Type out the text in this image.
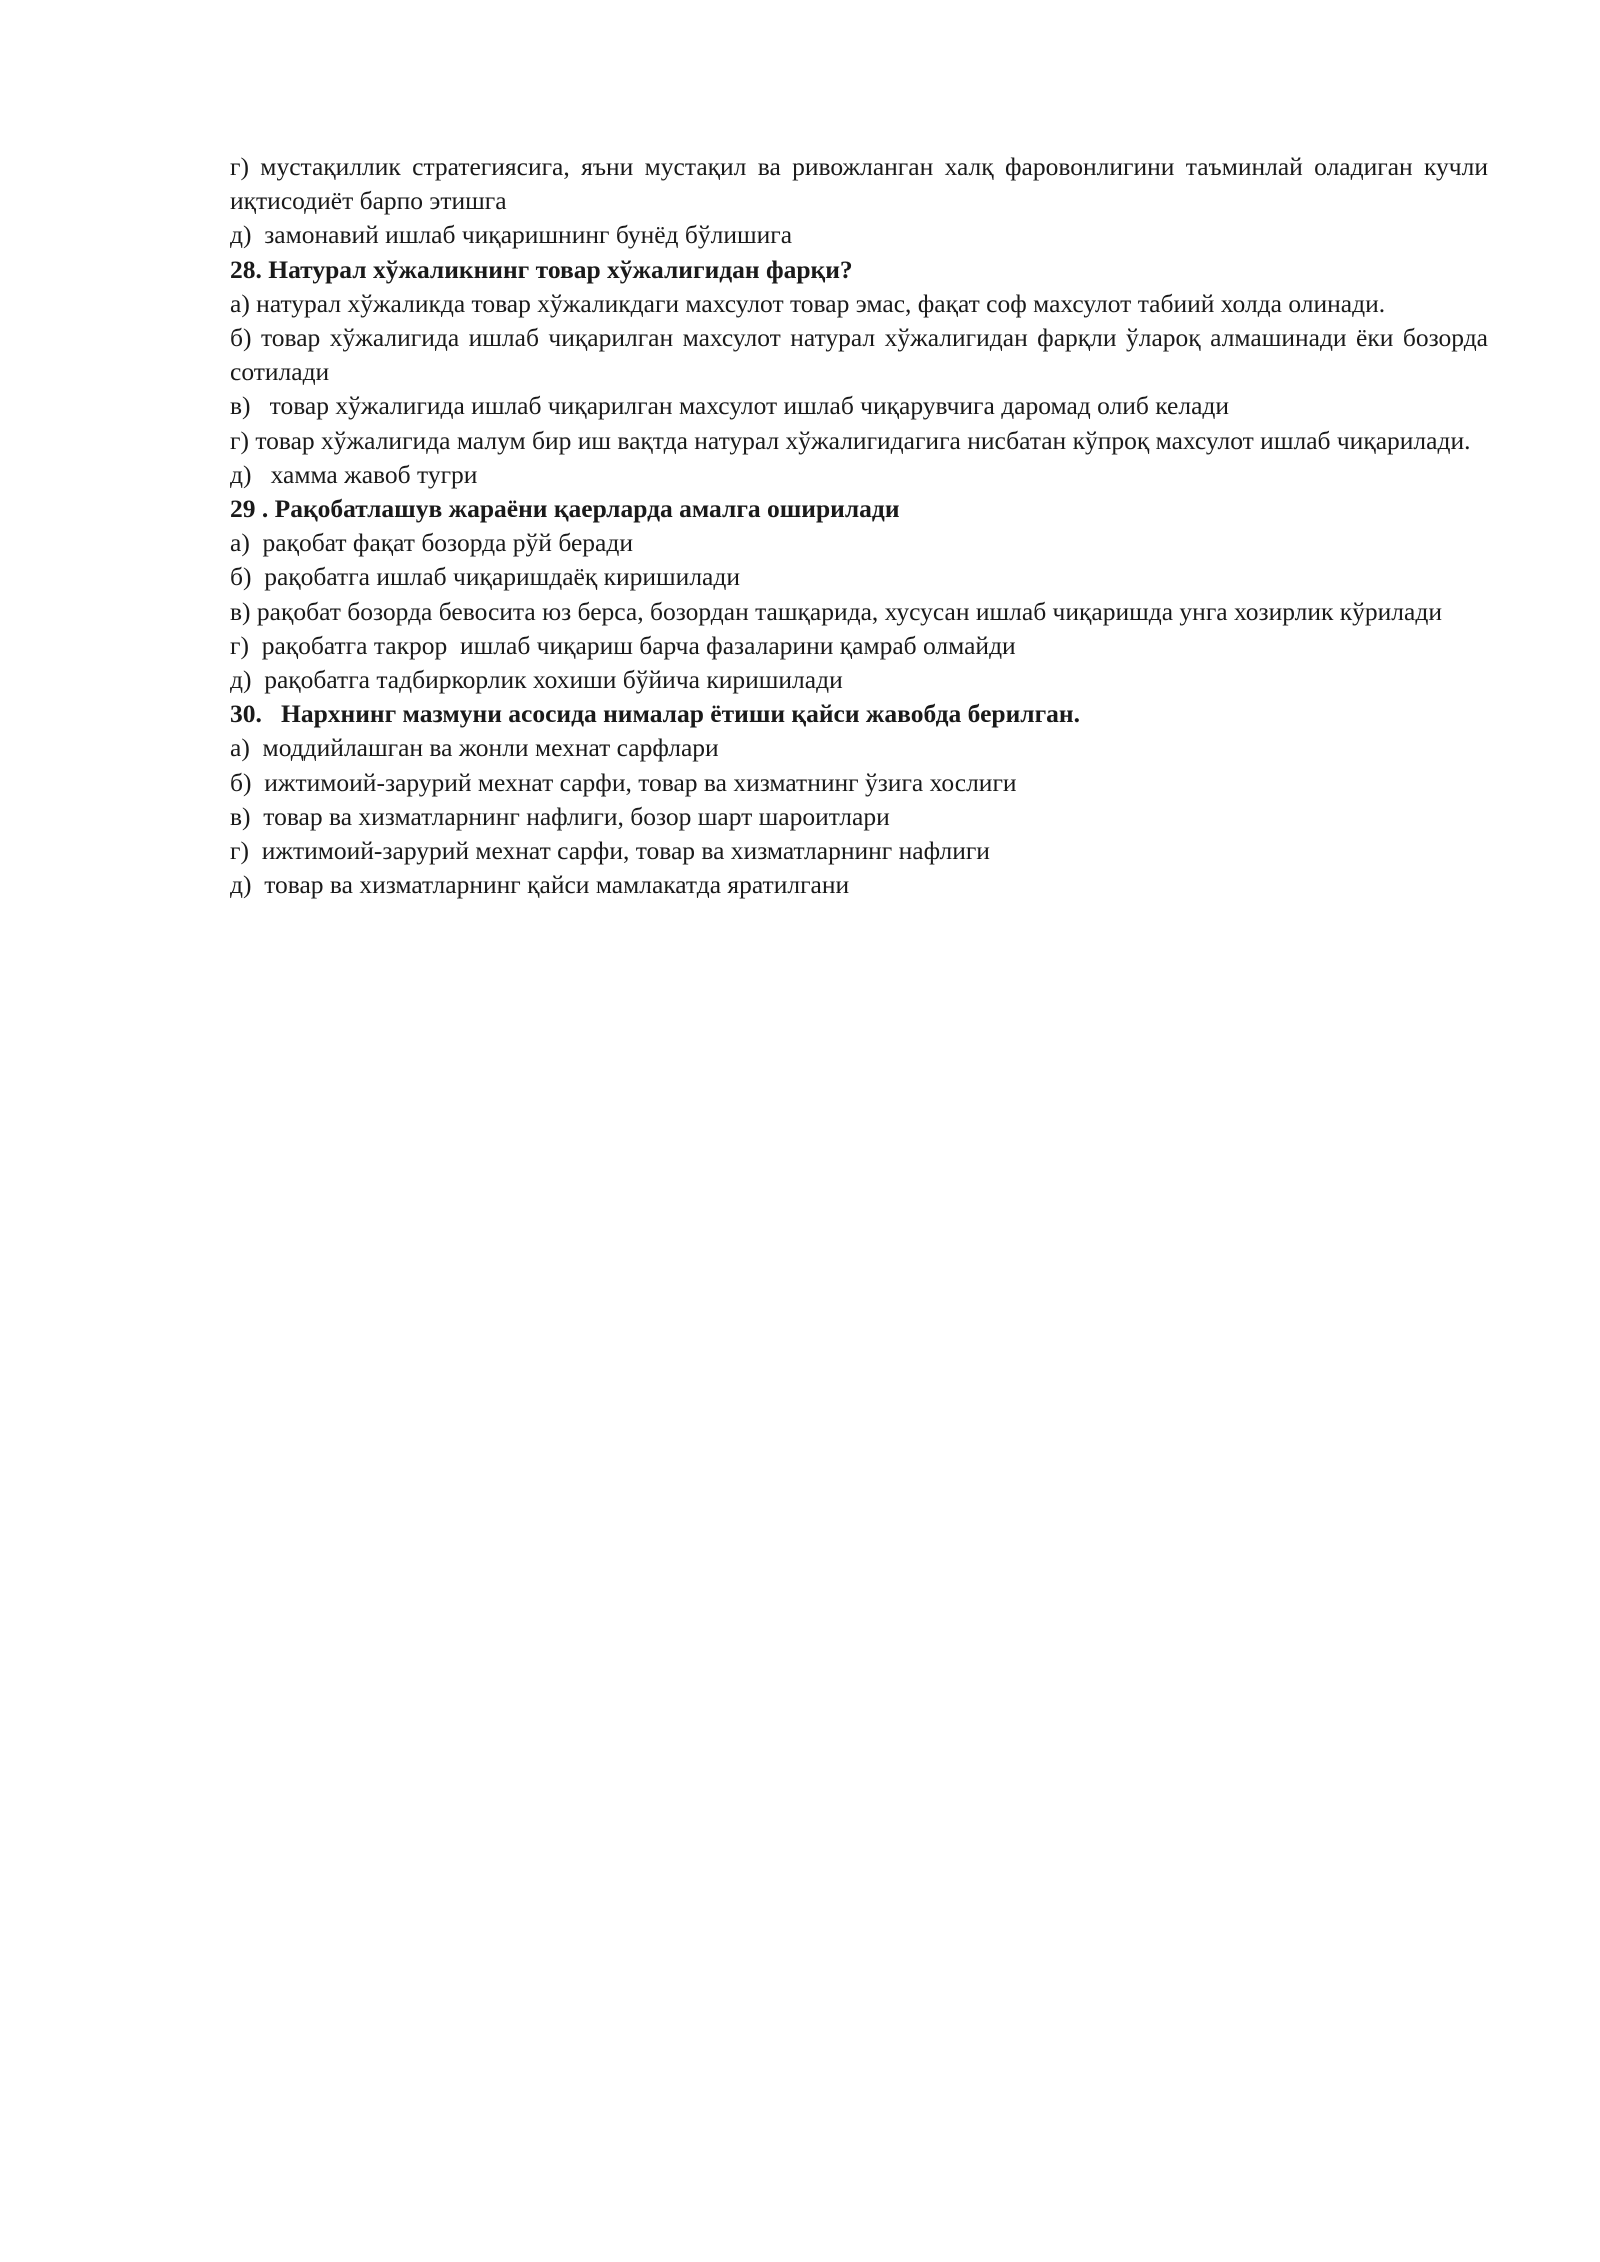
г) мустақиллик стратегиясига, яъни мустақил ва ривожланган халқ фаровонлигини таъминлай оладиган кучли иқтисодиёт барпо этишга

д)  замонавий ишлаб чиқаришнинг бунёд бўлишига

28. Натурал хўжаликнинг товар хўжалигидан фарқи?

а) натурал хўжаликда товар хўжаликдаги махсулот товар эмас, фақат соф махсулот табиий холда олинади.

б) товар хўжалигида ишлаб чиқарилган махсулот натурал хўжалигидан фарқли ўлароқ алмашинади ёки бозорда сотилади

в)   товар хўжалигида ишлаб чиқарилган махсулот ишлаб чиқарувчига даромад олиб келади

г) товар хўжалигида малум бир иш вақтда натурал хўжалигидагига нисбатан кўпроқ махсулот ишлаб чиқарилади.

д)   хамма жавоб тугри

29 . Рақобатлашув жараёни қаерларда амалга оширилади

а)  рақобат фақат бозорда рўй беради

б)  рақобатга ишлаб чиқаришдаёқ киришилади

в) рақобат бозорда бевосита юз берса, бозордан ташқарида, хусусан ишлаб чиқаришда унга хозирлик кўрилади

г)  рақобатга такрор  ишлаб чиқариш барча фазаларини қамраб олмайди

д)  рақобатга тадбиркорлик хохиши бўйича киришилади

30.   Нархнинг мазмуни асосида нималар ётиши қайси жавобда берилган.

а)  моддийлашган ва жонли мехнат сарфлари

б)  ижтимоий-зарурий мехнат сарфи, товар ва хизматнинг ўзига хослиги

в)  товар ва хизматларнинг нафлиги, бозор шарт шароитлари

г)  ижтимоий-зарурий мехнат сарфи, товар ва хизматларнинг нафлиги

д)  товар ва хизматларнинг қайси мамлакатда яратилгани
